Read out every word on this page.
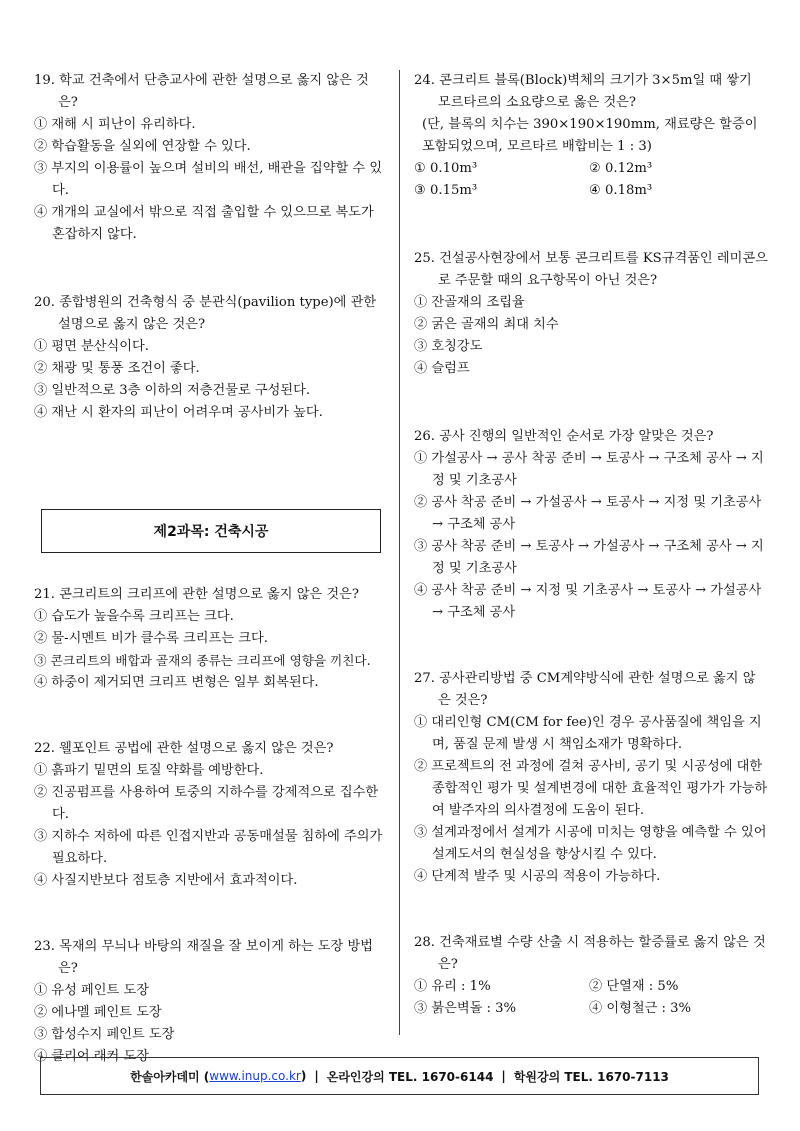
19. 학교 건축에서 단층교사에 관한 설명으로 옳지 않은 것은?
① 재해 시 피난이 유리하다.
② 학습활동을 실외에 연장할 수 있다.
③ 부지의 이용률이 높으며 설비의 배선, 배관을 집약할 수 있다.
④ 개개의 교실에서 밖으로 직접 출입할 수 있으므로 복도가 혼잡하지 않다.
20. 종합병원의 건축형식 중 분관식(pavilion type)에 관한 설명으로 옳지 않은 것은?
① 평면 분산식이다.
② 채광 및 통풍 조건이 좋다.
③ 일반적으로 3층 이하의 저층건물로 구성된다.
④ 재난 시 환자의 피난이 어려우며 공사비가 높다.
제2과목: 건축시공
21. 콘크리트의 크리프에 관한 설명으로 옳지 않은 것은?
① 습도가 높을수록 크리프는 크다.
② 물-시멘트 비가 클수록 크리프는 크다.
③ 콘크리트의 배합과 골재의 종류는 크리프에 영향을 끼친다.
④ 하중이 제거되면 크리프 변형은 일부 회복된다.
22. 웰포인트 공법에 관한 설명으로 옳지 않은 것은?
① 흙파기 밑면의 토질 약화를 예방한다.
② 진공펌프를 사용하여 토중의 지하수를 강제적으로 집수한다.
③ 지하수 저하에 따른 인접지반과 공동매설물 침하에 주의가 필요하다.
④ 사질지반보다 점토층 지반에서 효과적이다.
23. 목재의 무늬나 바탕의 재질을 잘 보이게 하는 도장 방법은?
① 유성 페인트 도장
② 에나멜 페인트 도장
③ 합성수지 페인트 도장
④ 클리어 래커 도장
24. 콘크리트 블록(Block)벽체의 크기가 3×5m일 때 쌓기 모르타르의 소요량으로 옳은 것은?
(단, 블록의 치수는 390×190×190mm, 재료량은 할증이 포함되었으며, 모르타르 배합비는 1 : 3)
① 0.10m³	② 0.12m³
③ 0.15m³	④ 0.18m³
25. 건설공사현장에서 보통 콘크리트를 KS규격품인 레미콘으로 주문할 때의 요구항목이 아닌 것은?
① 잔골재의 조립율
② 굵은 골재의 최대 치수
③ 호칭강도
④ 슬럼프
26. 공사 진행의 일반적인 순서로 가장 알맞은 것은?
① 가설공사 → 공사 착공 준비 → 토공사 → 구조체 공사 → 지정 및 기초공사
② 공사 착공 준비 → 가설공사 → 토공사 → 지정 및 기초공사 → 구조체 공사
③ 공사 착공 준비 → 토공사 → 가설공사 → 구조체 공사 → 지정 및 기초공사
④ 공사 착공 준비 → 지정 및 기초공사 → 토공사 → 가설공사 → 구조체 공사
27. 공사관리방법 중 CM계약방식에 관한 설명으로 옳지 않은 것은?
① 대리인형 CM(CM for fee)인 경우 공사품질에 책임을 지며, 품질 문제 발생 시 책임소재가 명확하다.
② 프로젝트의 전 과정에 걸쳐 공사비, 공기 및 시공성에 대한 종합적인 평가 및 설계변경에 대한 효율적인 평가가 가능하여 발주자의 의사결정에 도움이 된다.
③ 설계과정에서 설계가 시공에 미치는 영향을 예측할 수 있어 설계도서의 현실성을 향상시킬 수 있다.
④ 단계적 발주 및 시공의 적용이 가능하다.
28. 건축재료별 수량 산출 시 적용하는 할증률로 옳지 않은 것은?
① 유리 : 1%	② 단열재 : 5%
③ 붉은벽돌 : 3%	④ 이형철근 : 3%
한솔아카데미 ( www.inup.co.kr ) | 온라인강의 TEL. 1670-6144 | 학원강의 TEL. 1670-7113
